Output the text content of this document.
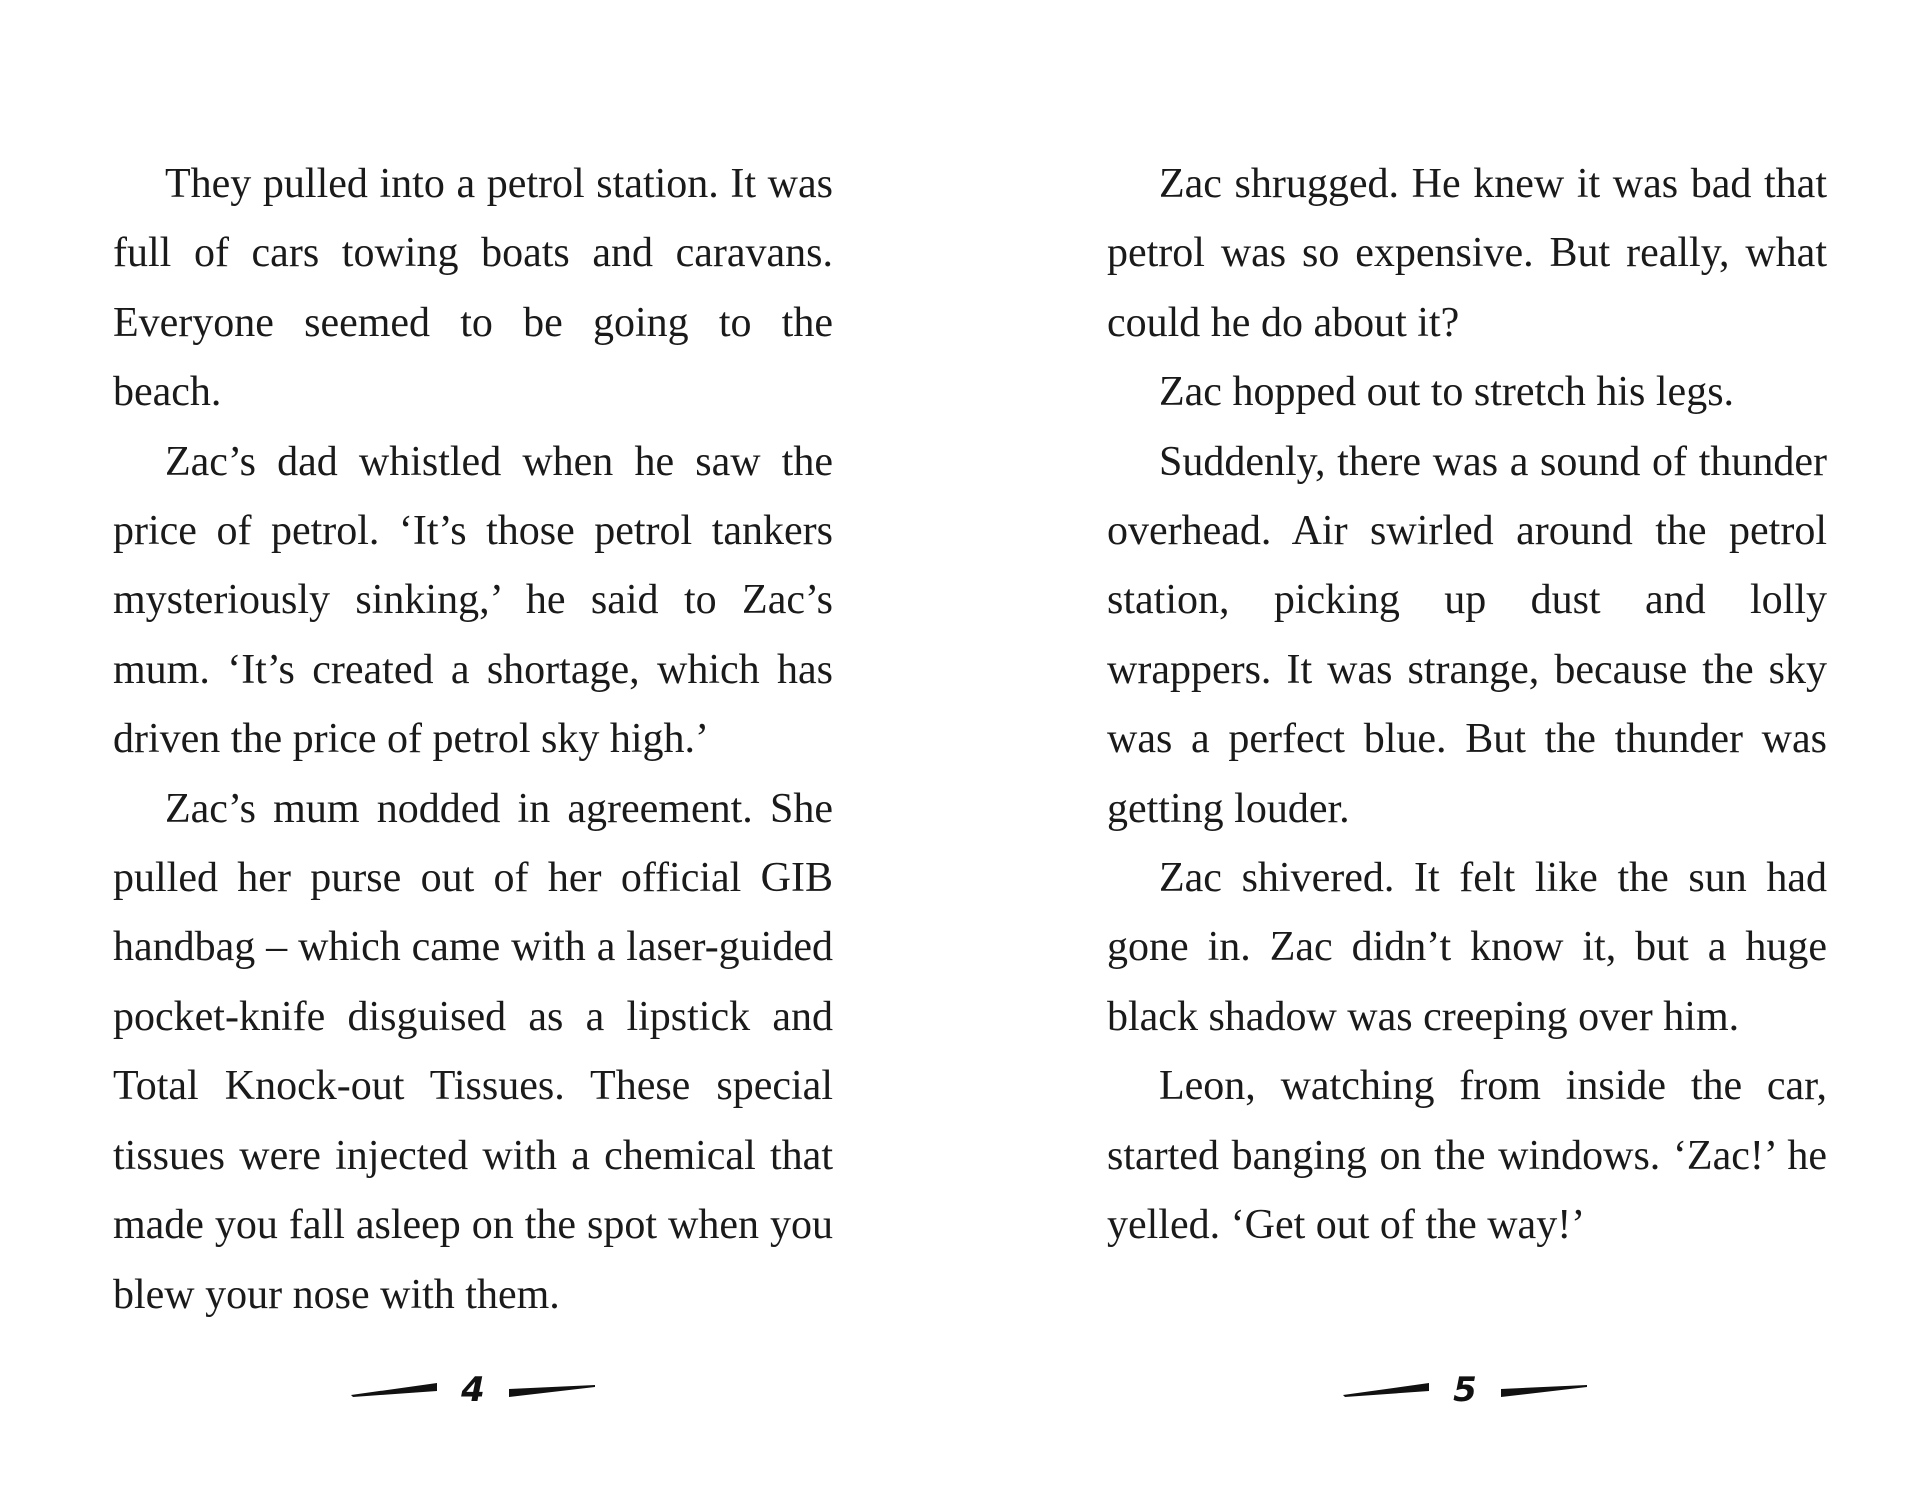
They pulled into a petrol station. It was full of cars towing boats and caravans. Everyone seemed to be going to the beach.

Zac’s dad whistled when he saw the price of petrol. ‘It’s those petrol tankers mysteriously sinking,’ he said to Zac’s mum. ‘It’s created a shortage, which has driven the price of petrol sky high.’

Zac’s mum nodded in agreement. She pulled her purse out of her official GIB handbag – which came with a laser-guided pocket-knife disguised as a lipstick and Total Knock-out Tissues. These special tissues were injected with a chemical that made you fall asleep on the spot when you blew your nose with them.

Zac shrugged. He knew it was bad that petrol was so expensive. But really, what could he do about it?

Zac hopped out to stretch his legs.

Suddenly, there was a sound of thunder overhead. Air swirled around the petrol station, picking up dust and lolly wrappers. It was strange, because the sky was a perfect blue. But the thunder was getting louder.

Zac shivered. It felt like the sun had gone in. Zac didn’t know it, but a huge black shadow was creeping over him.

Leon, watching from inside the car, started banging on the windows. ‘Zac!’ he yelled. ‘Get out of the way!’

4	5
